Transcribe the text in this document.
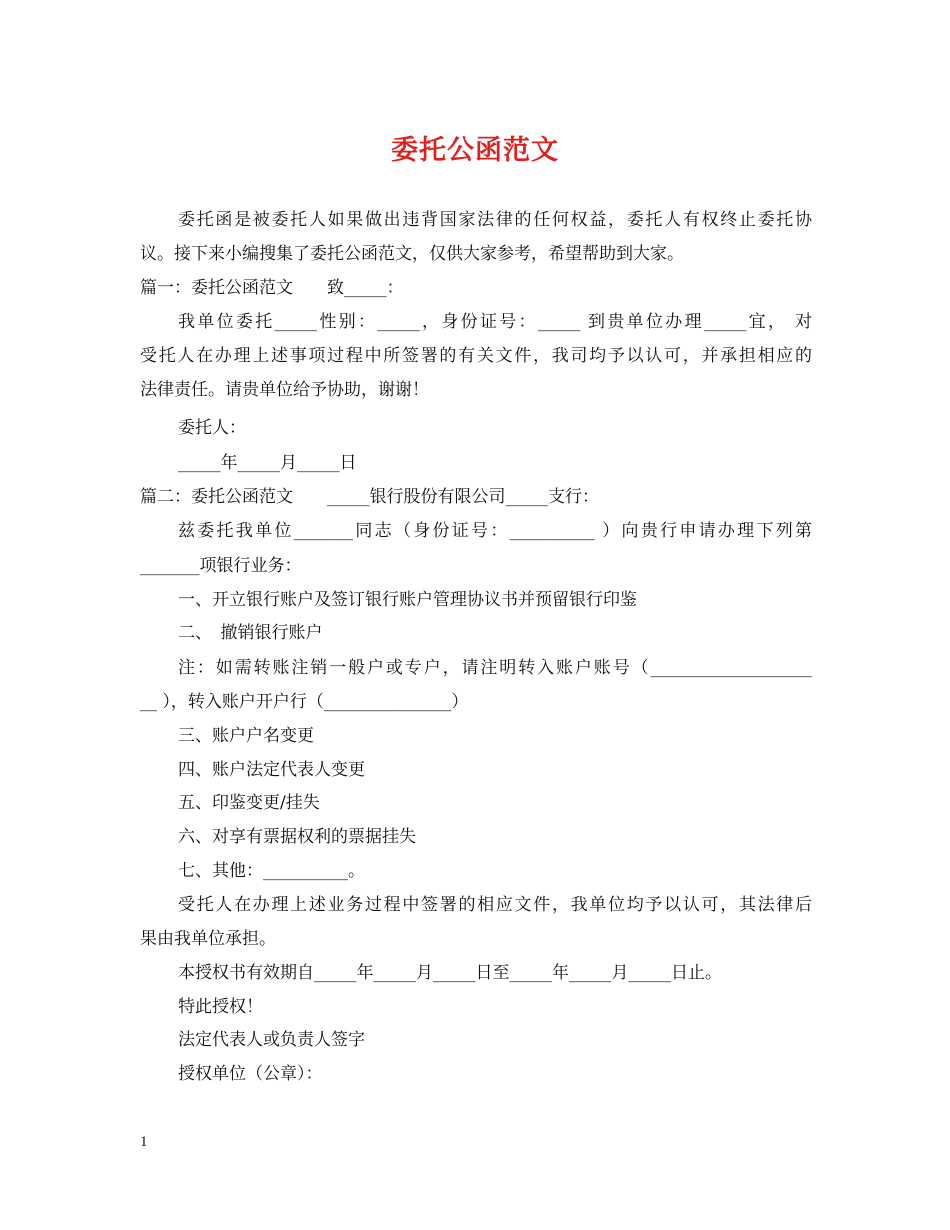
委托公函范文
委托函是被委托人如果做出违背国家法律的任何权益，委托人有权终止委托协
议。接下来小编搜集了委托公函范文，仅供大家参考，希望帮助到大家。
篇一：委托公函范文　　致_____：
我单位委托_____性别：_____，身份证号：_____ 到贵单位办理_____宜， 对
受托人在办理上述事项过程中所签署的有关文件，我司均予以认可，并承担相应的
法律责任。请贵单位给予协助，谢谢！
委托人：
_____年_____月_____日
篇二：委托公函范文　　_____银行股份有限公司_____支行：
兹委托我单位_______同志（身份证号：__________ ）向贵行申请办理下列第
_______项银行业务：
一、开立银行账户及签订银行账户管理协议书并预留银行印鉴
二、　撤销银行账户
注：如需转账注销一般户或专户，请注明转入账户账号（___________________
__ ），转入账户开户行（_______________）
三、账户户名变更
四、账户法定代表人变更
五、印鉴变更/挂失
六、对享有票据权利的票据挂失
七、其他：__________。
受托人在办理上述业务过程中签署的相应文件，我单位均予以认可，其法律后
果由我单位承担。
本授权书有效期自_____年_____月_____日至_____年_____月_____日止。
特此授权！
法定代表人或负责人签字
授权单位（公章）：
1
